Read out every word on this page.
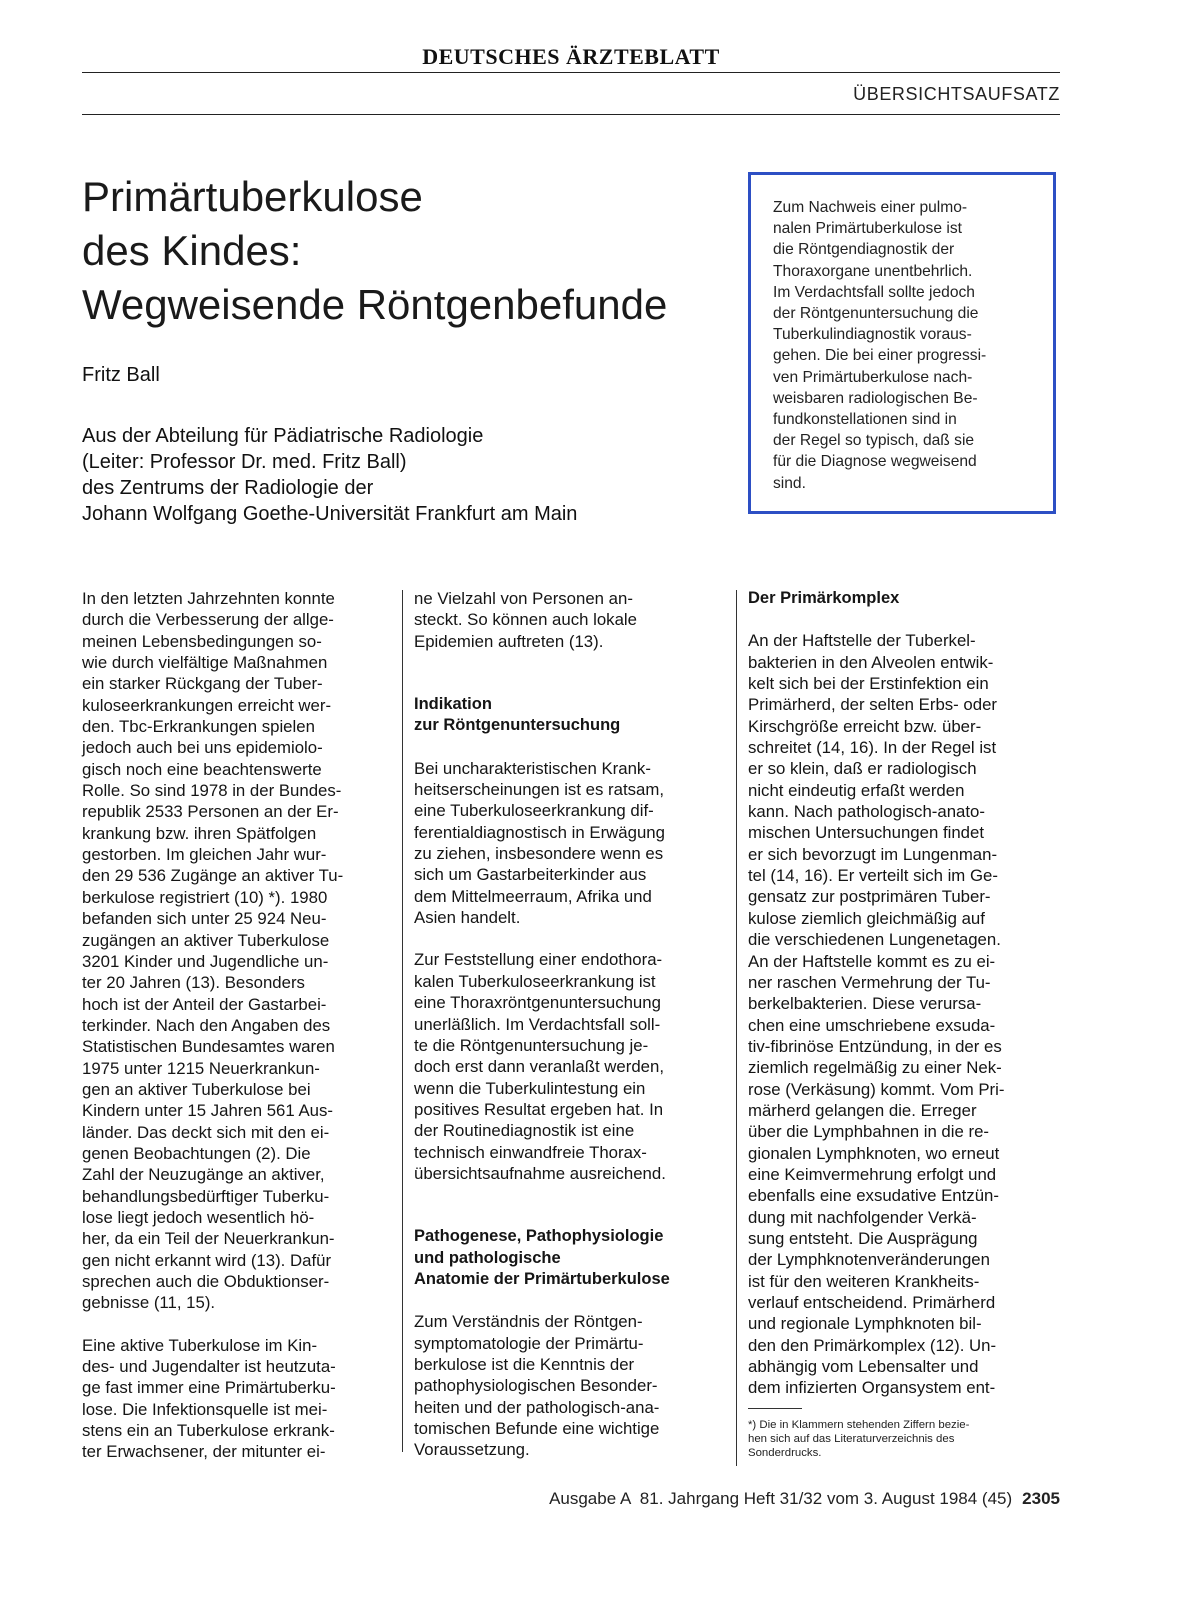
DEUTSCHES ÄRZTEBLATT
ÜBERSICHTSAUFSATZ
Primärtuberkulose
des Kindes:
Wegweisende Röntgenbefunde
Fritz Ball
Aus der Abteilung für Pädiatrische Radiologie
(Leiter: Professor Dr. med. Fritz Ball)
des Zentrums der Radiologie der
Johann Wolfgang Goethe-Universität Frankfurt am Main
Zum Nachweis einer pulmo-
nalen Primärtuberkulose ist
die Röntgendiagnostik der
Thoraxorgane unentbehrlich.
Im Verdachtsfall sollte jedoch
der Röntgenuntersuchung die
Tuberkulindiagnostik voraus-
gehen. Die bei einer progressi-
ven Primärtuberkulose nach-
weisbaren radiologischen Be-
fundkonstellationen sind in
der Regel so typisch, daß sie
für die Diagnose wegweisend
sind.
In den letzten Jahrzehnten konnte
durch die Verbesserung der allge-
meinen Lebensbedingungen so-
wie durch vielfältige Maßnahmen
ein starker Rückgang der Tuber-
kuloseerkrankungen erreicht wer-
den. Tbc-Erkrankungen spielen
jedoch auch bei uns epidemiolo-
gisch noch eine beachtenswerte
Rolle. So sind 1978 in der Bundes-
republik 2533 Personen an der Er-
krankung bzw. ihren Spätfolgen
gestorben. Im gleichen Jahr wur-
den 29 536 Zugänge an aktiver Tu-
berkulose registriert (10) *). 1980
befanden sich unter 25 924 Neu-
zugängen an aktiver Tuberkulose
3201 Kinder und Jugendliche un-
ter 20 Jahren (13). Besonders
hoch ist der Anteil der Gastarbei-
terkinder. Nach den Angaben des
Statistischen Bundesamtes waren
1975 unter 1215 Neuerkrankun-
gen an aktiver Tuberkulose bei
Kindern unter 15 Jahren 561 Aus-
länder. Das deckt sich mit den ei-
genen Beobachtungen (2). Die
Zahl der Neuzugänge an aktiver,
behandlungsbedürftiger Tuberku-
lose liegt jedoch wesentlich hö-
her, da ein Teil der Neuerkrankun-
gen nicht erkannt wird (13). Dafür
sprechen auch die Obduktionser-
gebnisse (11, 15).
Eine aktive Tuberkulose im Kin-
des- und Jugendalter ist heutzuta-
ge fast immer eine Primärtuberku-
lose. Die Infektionsquelle ist mei-
stens ein an Tuberkulose erkrank-
ter Erwachsener, der mitunter ei-
ne Vielzahl von Personen an-
steckt. So können auch lokale
Epidemien auftreten (13).
Indikation
zur Röntgenuntersuchung
Bei uncharakteristischen Krank-
heitserscheinungen ist es ratsam,
eine Tuberkuloseerkrankung dif-
ferentialdiagnostisch in Erwägung
zu ziehen, insbesondere wenn es
sich um Gastarbeiterkinder aus
dem Mittelmeerraum, Afrika und
Asien handelt.
Zur Feststellung einer endothora-
kalen Tuberkuloseerkrankung ist
eine Thoraxröntgenuntersuchung
unerläßlich. Im Verdachtsfall soll-
te die Röntgenuntersuchung je-
doch erst dann veranlaßt werden,
wenn die Tuberkulintestung ein
positives Resultat ergeben hat. In
der Routinediagnostik ist eine
technisch einwandfreie Thorax-
übersichtsaufnahme ausreichend.
Pathogenese, Pathophysiologie
und pathologische
Anatomie der Primärtuberkulose
Zum Verständnis der Röntgen-
symptomatologie der Primärtu-
berkulose ist die Kenntnis der
pathophysiologischen Besonder-
heiten und der pathologisch-ana-
tomischen Befunde eine wichtige
Voraussetzung.
Der Primärkomplex
An der Haftstelle der Tuberkel-
bakterien in den Alveolen entwik-
kelt sich bei der Erstinfektion ein
Primärherd, der selten Erbs- oder
Kirschgröße erreicht bzw. über-
schreitet (14, 16). In der Regel ist
er so klein, daß er radiologisch
nicht eindeutig erfaßt werden
kann. Nach pathologisch-anato-
mischen Untersuchungen findet
er sich bevorzugt im Lungenman-
tel (14, 16). Er verteilt sich im Ge-
gensatz zur postprimären Tuber-
kulose ziemlich gleichmäßig auf
die verschiedenen Lungenetagen.
An der Haftstelle kommt es zu ei-
ner raschen Vermehrung der Tu-
berkelbakterien. Diese verursa-
chen eine umschriebene exsuda-
tiv-fibrinöse Entzündung, in der es
ziemlich regelmäßig zu einer Nek-
rose (Verkäsung) kommt. Vom Pri-
märherd gelangen die. Erreger
über die Lymphbahnen in die re-
gionalen Lymphknoten, wo erneut
eine Keimvermehrung erfolgt und
ebenfalls eine exsudative Entzün-
dung mit nachfolgender Verkä-
sung entsteht. Die Ausprägung
der Lymphknotenveränderungen
ist für den weiteren Krankheits-
verlauf entscheidend. Primärherd
und regionale Lymphknoten bil-
den den Primärkomplex (12). Un-
abhängig vom Lebensalter und
dem infizierten Organsystem ent-
*) Die in Klammern stehenden Ziffern bezie-
hen sich auf das Literaturverzeichnis des
Sonderdrucks.
Ausgabe A  81. Jahrgang Heft 31/32 vom 3. August 1984 (45) 2305
